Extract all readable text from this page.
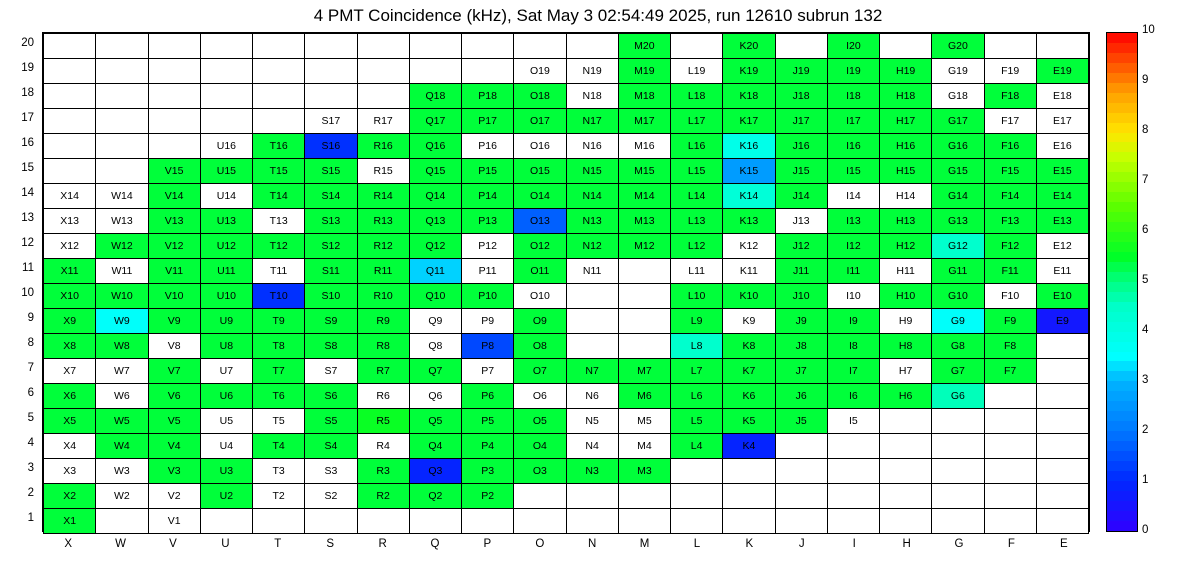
4 PMT Coincidence (kHz), Sat May 3 02:54:49 2025, run 12610 subrun 132
											M20		K20		I20		G20		
									O19	N19	M19	L19	K19	J19	I19	H19	G19	F19	E19
							Q18	P18	O18	N18	M18	L18	K18	J18	I18	H18	G18	F18	E18
					S17	R17	Q17	P17	O17	N17	M17	L17	K17	J17	I17	H17	G17	F17	E17
			U16	T16	S16	R16	Q16	P16	O16	N16	M16	L16	K16	J16	I16	H16	G16	F16	E16
		V15	U15	T15	S15	R15	Q15	P15	O15	N15	M15	L15	K15	J15	I15	H15	G15	F15	E15
X14	W14	V14	U14	T14	S14	R14	Q14	P14	O14	N14	M14	L14	K14	J14	I14	H14	G14	F14	E14
X13	W13	V13	U13	T13	S13	R13	Q13	P13	O13	N13	M13	L13	K13	J13	I13	H13	G13	F13	E13
X12	W12	V12	U12	T12	S12	R12	Q12	P12	O12	N12	M12	L12	K12	J12	I12	H12	G12	F12	E12
X11	W11	V11	U11	T11	S11	R11	Q11	P11	O11	N11		L11	K11	J11	I11	H11	G11	F11	E11
X10	W10	V10	U10	T10	S10	R10	Q10	P10	O10			L10	K10	J10	I10	H10	G10	F10	E10
X9	W9	V9	U9	T9	S9	R9	Q9	P9	O9			L9	K9	J9	I9	H9	G9	F9	E9
X8	W8	V8	U8	T8	S8	R8	Q8	P8	O8			L8	K8	J8	I8	H8	G8	F8	
X7	W7	V7	U7	T7	S7	R7	Q7	P7	O7	N7	M7	L7	K7	J7	I7	H7	G7	F7	
X6	W6	V6	U6	T6	S6	R6	Q6	P6	O6	N6	M6	L6	K6	J6	I6	H6	G6		
X5	W5	V5	U5	T5	S5	R5	Q5	P5	O5	N5	M5	L5	K5	J5	I5				
X4	W4	V4	U4	T4	S4	R4	Q4	P4	O4	N4	M4	L4	K4						
X3	W3	V3	U3	T3	S3	R3	Q3	P3	O3	N3	M3								
X2	W2	V2	U2	T2	S2	R2	Q2	P2											
X1		V1																	
20
19
18
17
16
15
14
13
12
11
10
9
8
7
6
5
4
3
2
1
X	W	V	U	T	S	R	Q	P	O	N	M	L	K	J	I	H	G	F	E
0
1
2
3
4
5
6
7
8
9
10
